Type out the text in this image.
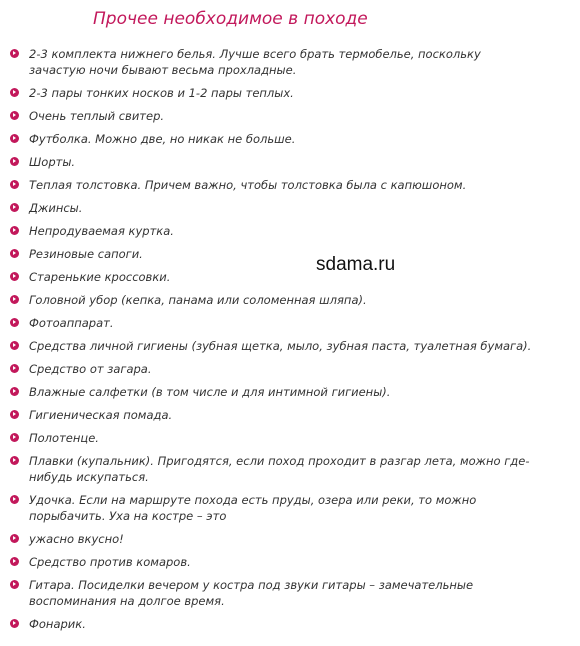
Прочее необходимое в походе
2-3 комплекта нижнего белья. Лучше всего брать термобелье, поскольку зачастую ночи бывают весьма прохладные.
2-3 пары тонких носков и 1-2 пары теплых.
Очень теплый свитер.
Футболка. Можно две, но никак не больше.
Шорты.
Теплая толстовка. Причем важно, чтобы толстовка была с капюшоном.
Джинсы.
Непродуваемая куртка.
Резиновые сапоги.
Старенькие кроссовки.
Головной убор (кепка, панама или соломенная шляпа).
Фотоаппарат.
Средства личной гигиены (зубная щетка, мыло, зубная паста, туалетная бумага).
Средство от загара.
Влажные салфетки (в том числе и для интимной гигиены).
Гигиеническая помада.
Полотенце.
Плавки (купальник). Пригодятся, если поход проходит в разгар лета, можно где-нибудь искупаться.
Удочка. Если на маршруте похода есть пруды, озера или реки, то можно порыбачить. Уха на костре – это
ужасно вкусно!
Средство против комаров.
Гитара. Посиделки вечером у костра под звуки гитары – замечательные воспоминания на долгое время.
Фонарик.
sdama.ru
